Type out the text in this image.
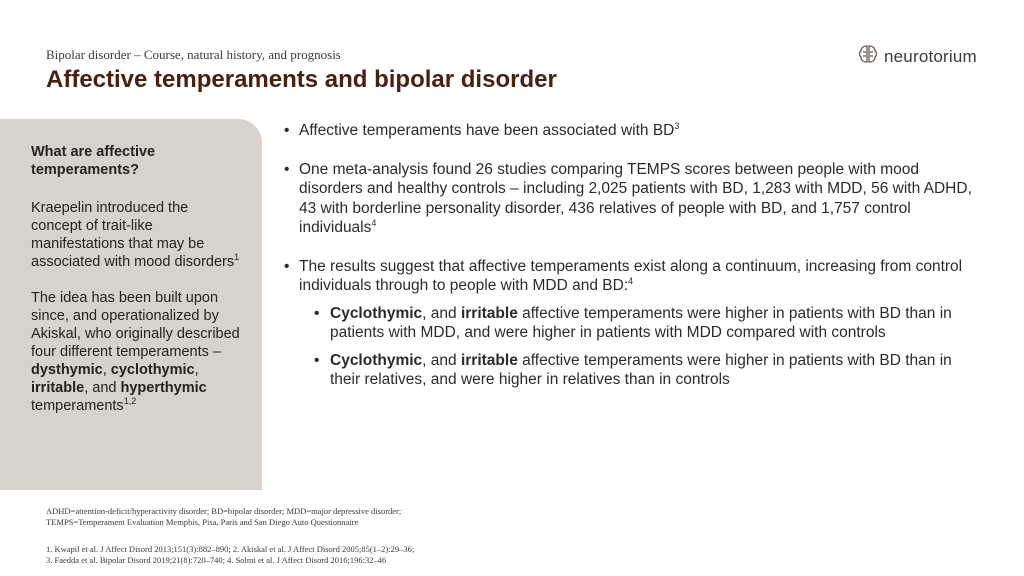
Bipolar disorder – Course, natural history, and prognosis
Affective temperaments and bipolar disorder
neurotorium
What are affective temperaments?
Kraepelin introduced the concept of trait-like manifestations that may be associated with mood disorders$^1$
The idea has been built upon since, and operationalized by Akiskal, who originally described four different temperaments – dysthymic, cyclothymic, irritable, and hyperthymic temperaments$^{1,2}$
• Affective temperaments have been associated with $BD^3$
• One meta-analysis found 26 studies comparing TEMPS scores between people with mood disorders and healthy controls – including 2,025 patients with BD, 1,283 with MDD, 56 with ADHD, 43 with borderline personality disorder, 436 relatives of people with BD, and 1,757 control individuals$^4$
• The results suggest that affective temperaments exist along a continuum, increasing from control individuals through to people with MDD and BD:$^4$
• Cyclothymic, and irritable affective temperaments were higher in patients with BD than in patients with MDD, and were higher in patients with MDD compared with controls
• Cyclothymic, and irritable affective temperaments were higher in patients with BD than in their relatives, and were higher in relatives than in controls
ADHD=attention-deficit/hyperactivity disorder; BD=bipolar disorder; MDD=major depressive disorder;
TEMPS=Temperament Evaluation Memphis, Pisa, Paris and San Diego Auto Questionnaire
1. Kwapil et al. J Affect Disord 2013;151(3):882–890; 2. Akiskal et al. J Affect Disord 2005;85(1–2):29–36;
3. Faedda et al. Bipolar Disord 2019;21(8):720–740; 4. Solmi et al. J Affect Disord 2016;196:32–46
